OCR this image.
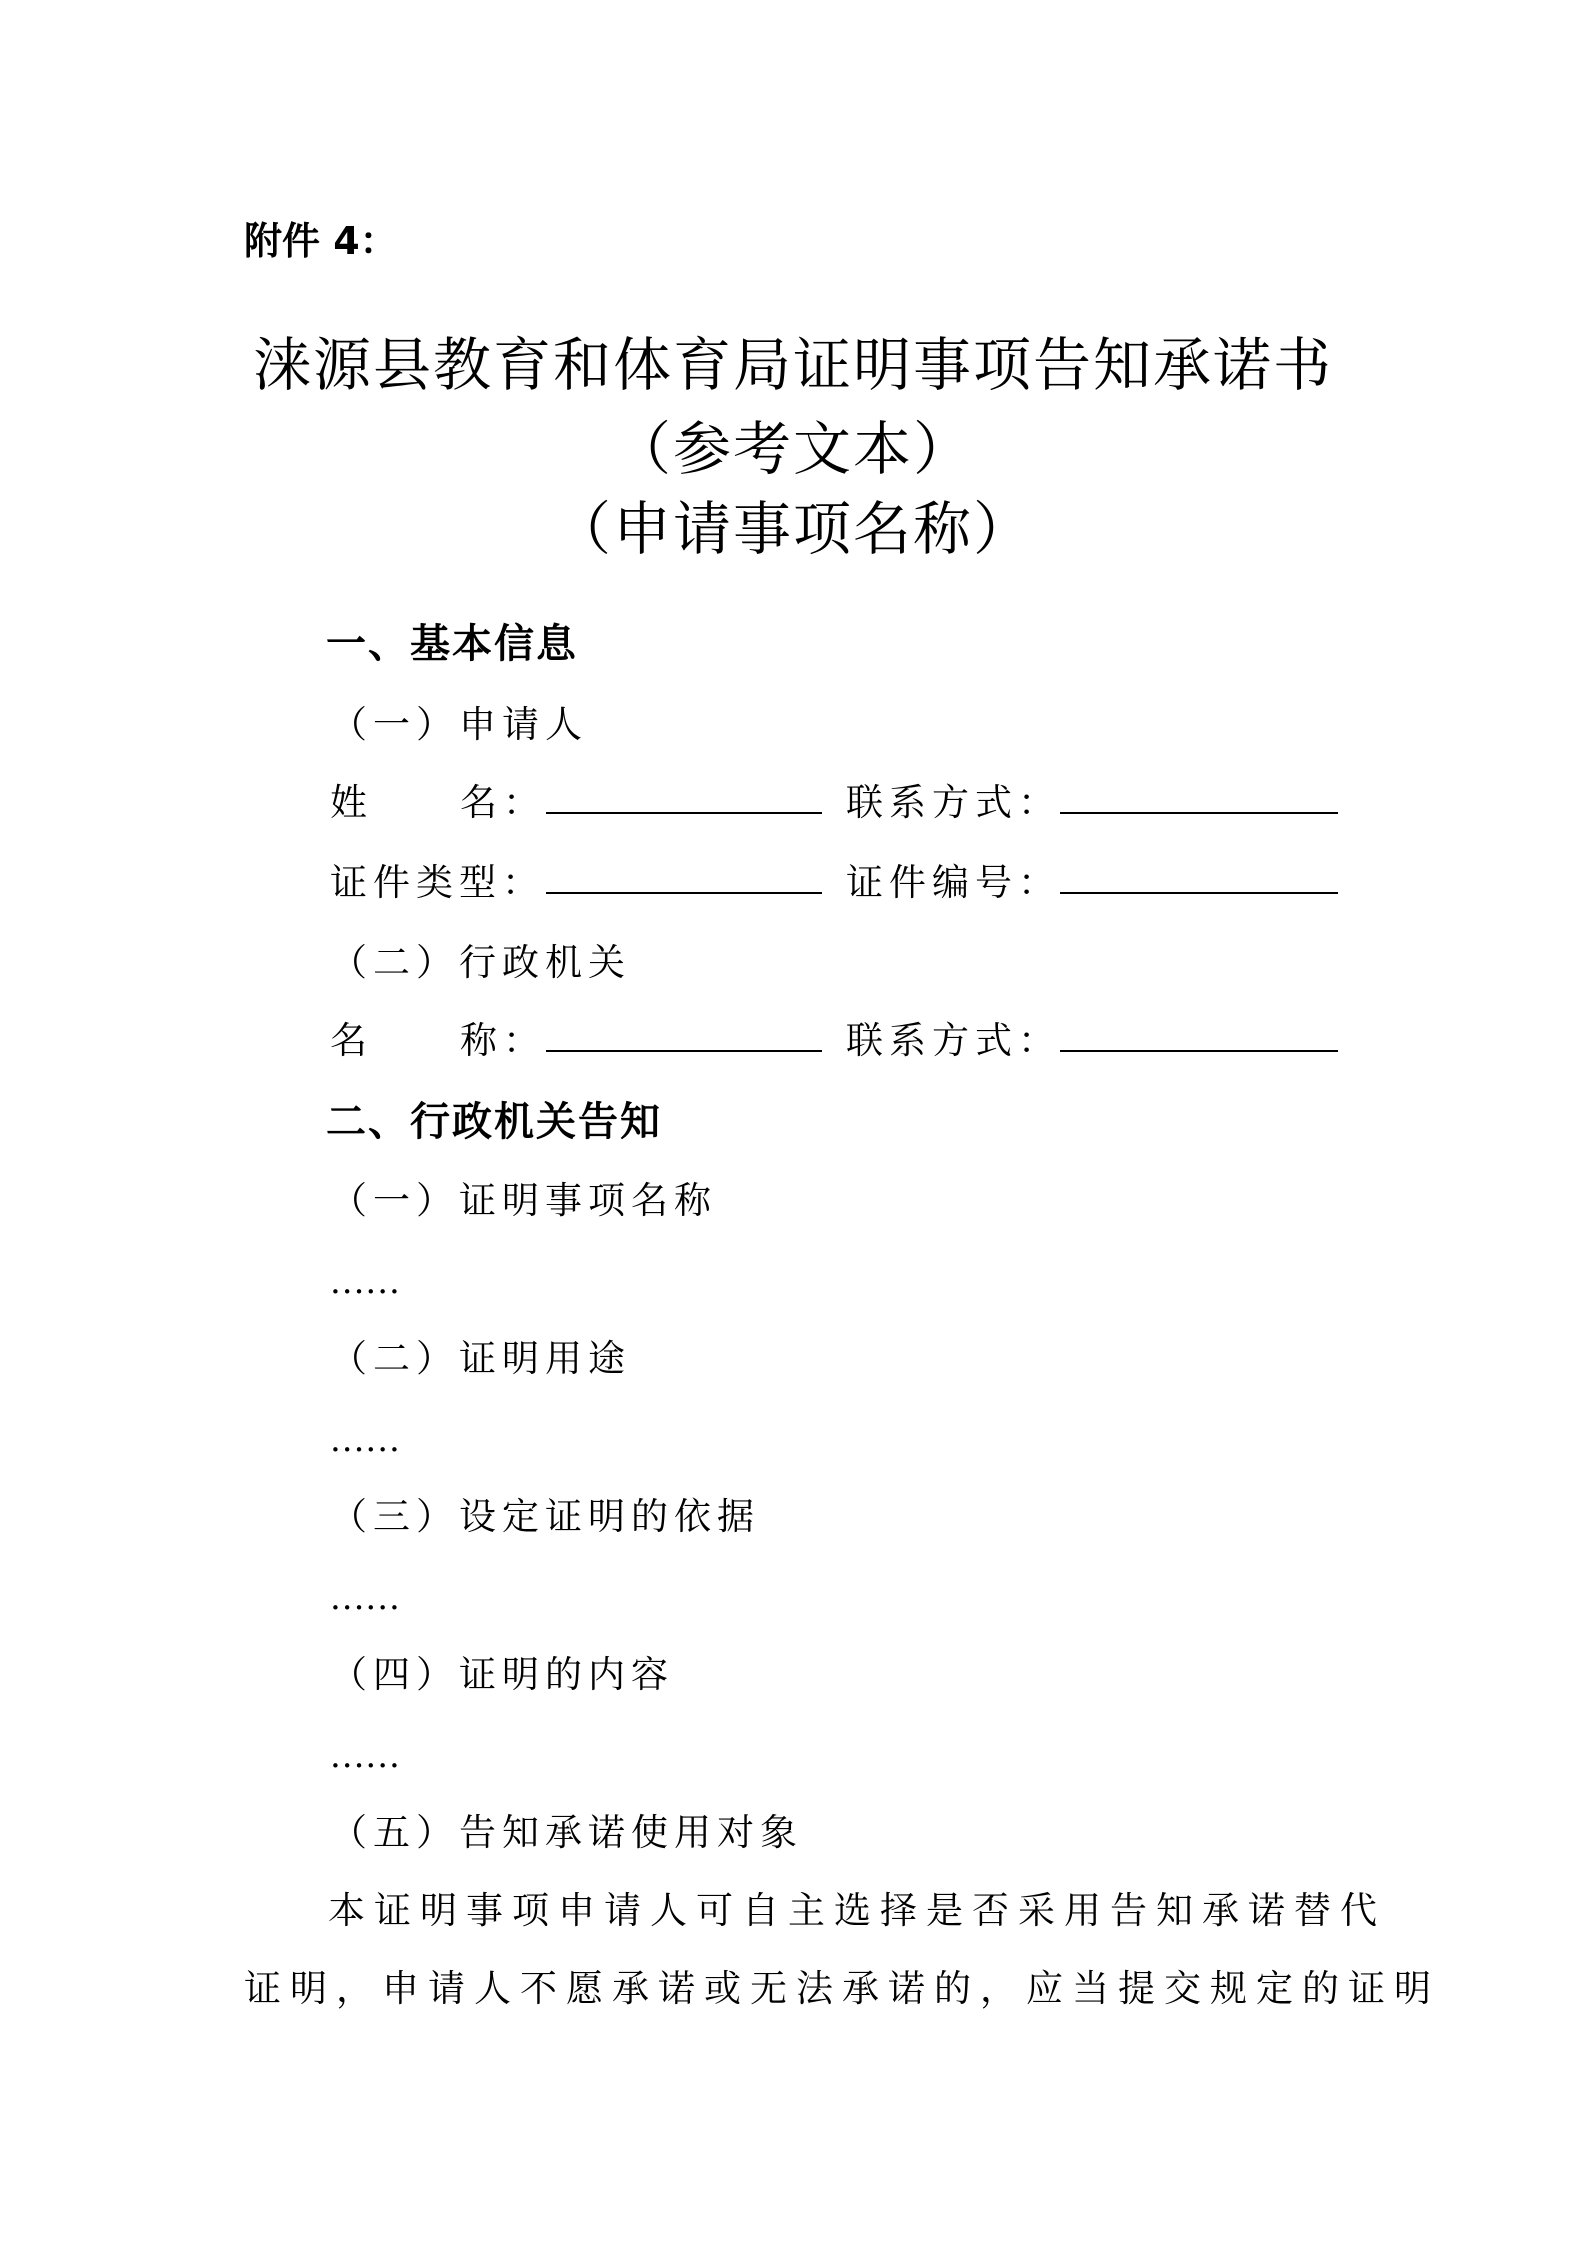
附件 4：
涞源县教育和体育局证明事项告知承诺书
（参考文本）
（申请事项名称）
一、基本信息
（一）申请人
姓 名：	联系方式：
证件类型：	证件编号：
（二）行政机关
名 称：	联系方式：
二、行政机关告知
（一）证明事项名称
......
（二）证明用途
......
（三）设定证明的依据
......
（四）证明的内容
......
（五）告知承诺使用对象
本证明事项申请人可自主选择是否采用告知承诺替代
证明，申请人不愿承诺或无法承诺的，应当提交规定的证明
